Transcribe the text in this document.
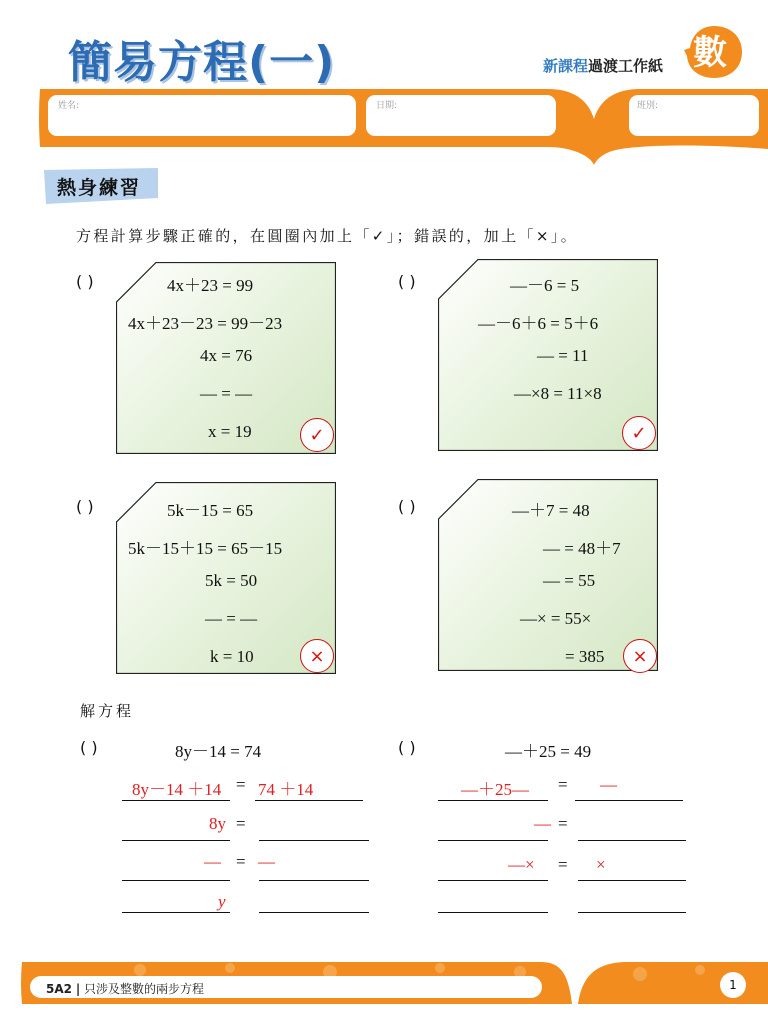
簡易方程(一)	新課程過渡工作紙 數
姓名:	日期:	班別:
熱身練習
方程計算步驟正確的，在圓圈內加上「✓」；錯誤的，加上「×」。
( )	4x＋23 = 99
4x＋23－23 = 99－23
4x = 76
— = —
x = 19	✓
( )	—－6 = 5
—－6＋6 = 5＋6
— = 11
—×8 = 11×8
✓
( )	5k－15 = 65
5k－15＋15 = 65－15
5k = 50
— = —
k = 10	×
( )	—＋7 = 48
— = 48＋7
— = 55
—× = 55×
= 385	×
解方程
( )	8y－14 = 74
8y－14 ＋14 = 74 ＋14
8y =
— = —
y
( )	—＋25 = 49
—＋25— = —
— =
—× = ×
5A2 | 只涉及整數的兩步方程	1
